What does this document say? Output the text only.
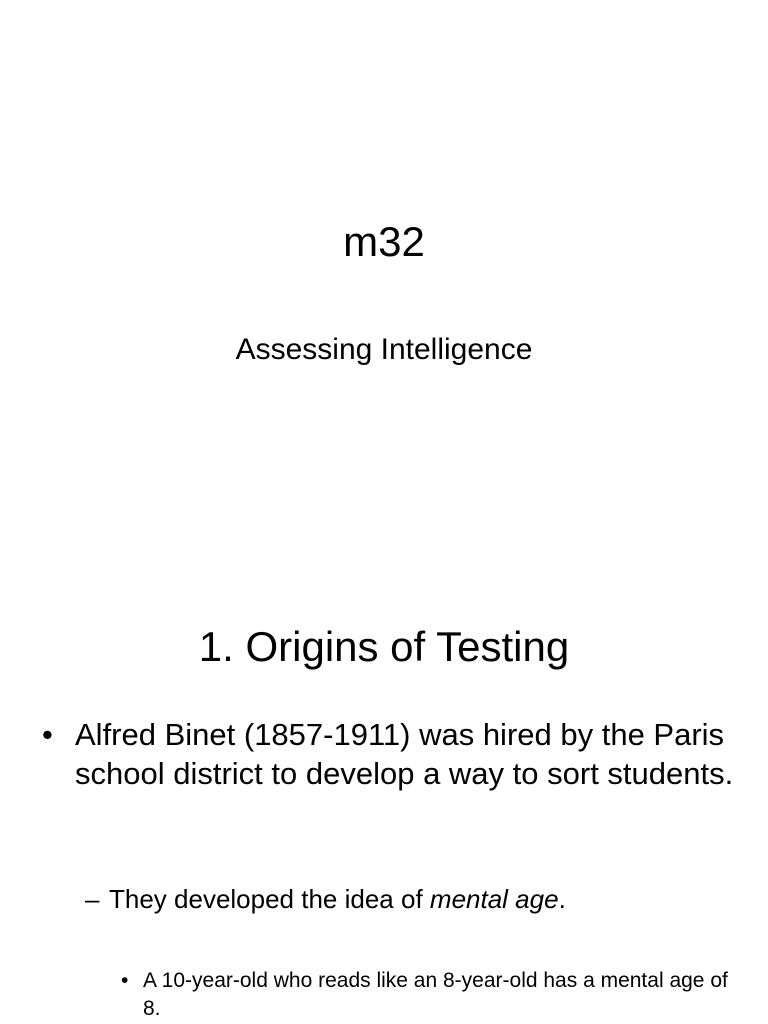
m32
Assessing Intelligence
1. Origins of Testing
• Alfred Binet (1857-1911) was hired by the Paris school district to develop a way to sort students.
– They developed the idea of mental age.
• A 10-year-old who reads like an 8-year-old has a mental age of 8.
